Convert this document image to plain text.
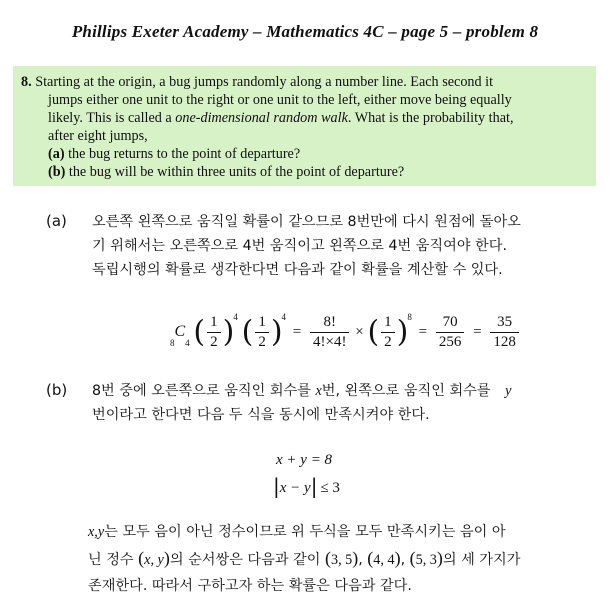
Phillips Exeter Academy – Mathematics 4C – page 5 – problem 8
8. Starting at the origin, a bug jumps randomly along a number line. Each second it
jumps either one unit to the right or one unit to the left, either move being equally
likely. This is called a one-dimensional random walk. What is the probability that,
after eight jumps,
(a) the bug returns to the point of departure?
(b) the bug will be within three units of the point of departure?
(a) 오른쪽 왼쪽으로 움직일 확률이 같으므로 8번만에 다시 원점에 돌아오
기 위해서는 오른쪽으로 4번 움직이고 왼쪽으로 4번 움직여야 한다.
독립시행의 확률로 생각한다면 다음과 같이 확률을 계산할 수 있다.
$_8C_4$ ( $\frac{1}{2} )^4$ ( $\frac{1}{2} )^4 = \frac{8!}{4!\times 4!}$ × ( $\frac{1}{2} )^8 = \frac{70}{256} = \frac{35}{128}$
(b) 8번 중에 오른쪽으로 움직인 회수를 x번, 왼쪽으로 움직인 회수를 y
번이라고 한다면 다음 두 식을 동시에 만족시켜야 한다.
x + y = 8
|x − y| ≤ 3
x,y는 모두 음이 아닌 정수이므로 위 두식을 모두 만족시키는 음이 아
닌 정수 (x, y)의 순서쌍은 다음과 같이 (3, 5), (4, 4), (5, 3)의 세 가지가
존재한다. 따라서 구하고자 하는 확률은 다음과 같다.
